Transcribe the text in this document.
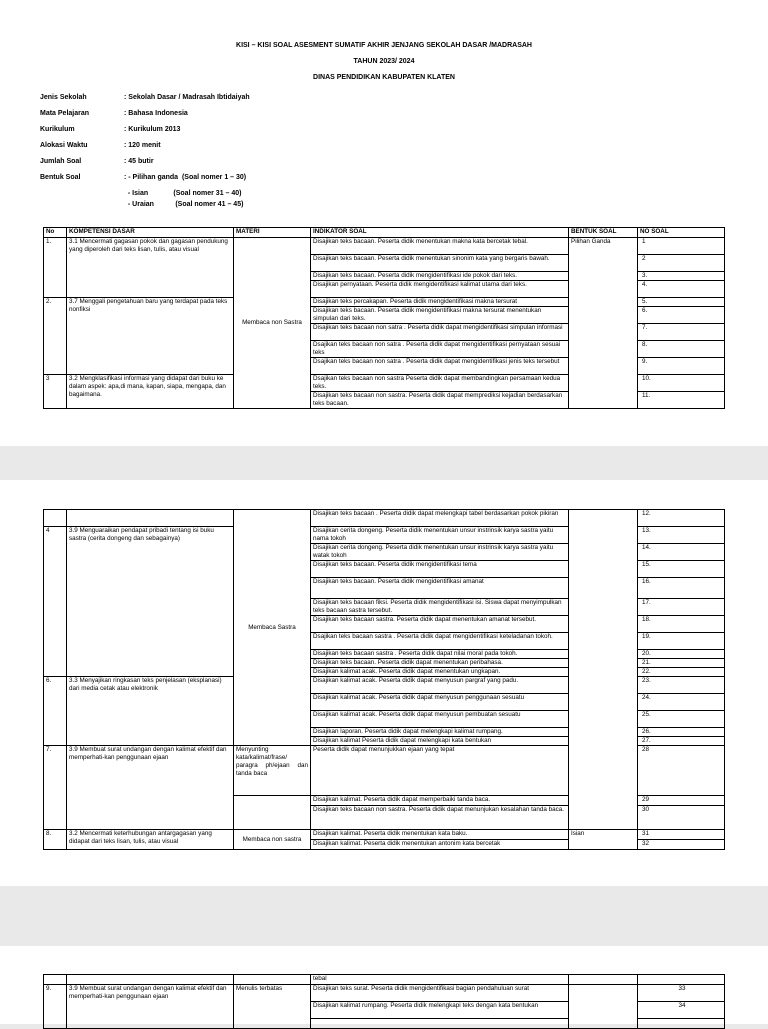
KISI – KISI SOAL ASESMENT SUMATIF AKHIR JENJANG SEKOLAH DASAR /MADRASAH
TAHUN 2023/ 2024
DINAS PENDIDIKAN KABUPATEN KLATEN
Jenis Sekolah	: Sekolah Dasar / Madrasah Ibtidaiyah
Mata Pelajaran	: Bahasa Indonesia
Kurikulum	: Kurikulum 2013
Alokasi Waktu	: 120 menit
Jumlah Soal	: 45 butir
Bentuk Soal	: - Pilihan ganda  (Soal nomer 1 – 30)
- Isian             (Soal nomer 31 – 40)
- Uraian           (Soal nomer 41 – 45)
No	KOMPETENSI DASAR	MATERI	INDIKATOR SOAL	BENTUK SOAL	NO SOAL
1.	3.1 Mencermati gagasan pokok dan gagasan pendukung yang diperoleh dari teks lisan, tulis, atau visual	Membaca non Sastra	Disajikan teks bacaan. Peserta didik menentukan makna kata bercetak tebal.	Pilihan Ganda	1
			Disajikan teks bacaan. Peserta didik menentukan sinonim kata yang bergaris bawah.		2
			Disajikan teks bacaan. Peserta didik mengidentifikasi ide pokok dari teks.		3.
			Disajikan pernyataan. Peserta didik mengidentifikasi kalimat utama dari teks.		4.
2.	3.7 Menggali pengetahuan baru yang terdapat pada teks nonfiksi		Disajikan teks percakapan. Peserta didik mengidentifikasi makna tersurat		5.
			Disajikan teks bacaan. Peserta didik mengidentifikasi makna tersurat menentukan simpulan dari teks.		6.
			Disajikan teks bacaan non satra . Peserta didik dapat mengidentifikasi simpulan informasi		7.
			Dsajikan teks bacaan non satra . Peserta didik dapat mengidentifikasi pernyataan sesuai teks		8.
			Dsajikan teks bacaan non satra . Peserta didik dapat mengidentifikasi jenis teks tersebut		9.
3	3.2 Mengklasifikasi informasi yang didapat dari buku ke dalam aspek: apa,di mana, kapan, siapa, mengapa, dan bagaimana.		Dsajikan teks bacaan non sastra Peserta didik dapat membandingkan persamaan kedua teks.		10.
			Disajikan teks bacaan non sastra. Peserta didik dapat memprediksi kejadian berdasarkan teks bacaan.		11.
		Membaca Sastra	Disajikan teks bacaan . Peserta didik dapat melengkapi tabel berdasarkan pokok pikiran		12.
4	3.9 Menguaraikan pendapat pribadi tentang isi buku sastra (cerita dongeng dan sebagainya)		Disajikan cerita dongeng. Peserta didik menentukan unsur instrinsik karya sastra yaitu nama tokoh		13.
			Disajikan cerita dongeng. Peserta didik menentukan unsur instrinsik karya sastra yaitu watak tokoh		14.
			Disajikan teks bacaan. Peserta didik mengidentifikasi tema		15.
			Disajikan teks bacaan. Peserta didik mengidentifikasi amanat		16.
			Disajikan teks bacaan fiksi. Peserta didik mengidentifikasi isi. Siswa dapat menyimpulkan teks bacaan sastra tersebut.		17.
			Disajikan teks bacaan sastra. Peserta didik dapat menentukan amanat tersebut.		18.
			Dsajikan teks bacaan sastra . Peserta didik dapat mengidentifikasi keteladanan tokoh.		19.
			Disajikan teks bacaan sastra . Peserta didik dapat nilai moral pada tokoh.		20.
			Disajikan teks bacaan. Peserta didik dapat menentukan peribahasa.		21.
			Disajikan kalimat acak. Peserta didik dapat menentukan ungkapan.		22.
6.	3.3 Menyajikan ringkasan teks penjelasan (eksplanasi) dari media cetak atau elektronik		Disajikan kalimat acak. Peserta didik dapat menyusun pargraf yang padu.		23.
			Disajikan kalimat acak. Peserta didik dapat menyusun penggunaan sesuatu		24.
			Disajikan kalimat acak. Peserta didik dapat menyusun pembuatan sesuatu		25.
			Disajikan laporan. Peserta didik dapat melengkapi kalimat rumpang.		26.
			Disajikan kalimat Peserta didik dapat melengkapi kata bentukan		27.
7.	3.9 Membuat surat undangan dengan kalimat efektif dan memperhati-kan penggunaan ejaan	Menyunting kata/kalimat/frase/ paragra ph/ejaan dan tanda baca	Peserta didik dapat menunjukkan ejaan yang tepat		28
			Disajikan kalimat. Peserta didik dapat memperbaiki tanda baca.		29
			Disajikan teks bacaan non sastra. Peserta didik dapat menunjukan kesalahan tanda baca.		30
8.	3.2 Mencermati keterhubungan antargagasan yang didapat dari teks lisan, tulis, atau visual	Membaca non sastra	Disajikan kalimat. Peserta didik menentukan kata baku.	Isian	31
			Disajikan kalimat. Peserta didik menentukan antonim kata bercetak		32
			tebal		
9.	3.9 Membuat surat undangan dengan kalimat efektif dan memperhati-kan penggunaan ejaan	Menulis terbatas	Disajikan teks surat. Peserta didik mengidentifikasi bagian pendahuluan surat		33
			Disajikan kalimat rumpang. Peserta didik melengkapi teks dengan kata bentukan		34
